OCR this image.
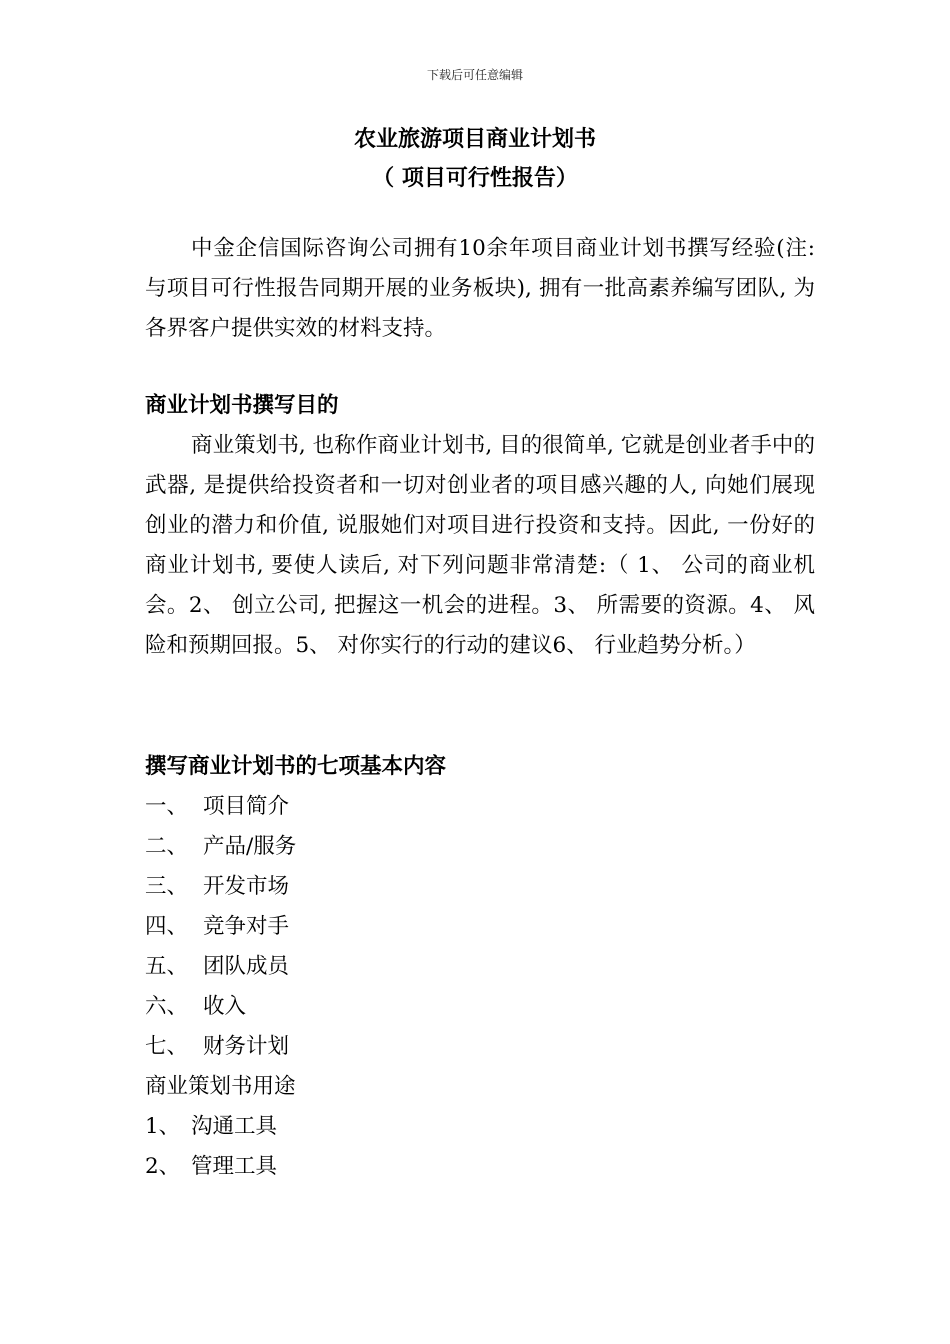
下载后可任意编辑
农业旅游项目商业计划书
（ 项目可行性报告）
中金企信国际咨询公司拥有10余年项目商业计划书撰写经验(注: 与项目可行性报告同期开展的业务板块), 拥有一批高素养编写团队, 为各界客户提供实效的材料支持。
商业计划书撰写目的
商业策划书, 也称作商业计划书, 目的很简单, 它就是创业者手中的武器, 是提供给投资者和一切对创业者的项目感兴趣的人, 向她们展现创业的潜力和价值, 说服她们对项目进行投资和支持。因此, 一份好的商业计划书, 要使人读后, 对下列问题非常清楚:（ 1、 公司的商业机会。2、 创立公司, 把握这一机会的进程。3、 所需要的资源。4、 风险和预期回报。5、 对你实行的行动的建议6、 行业趋势分析。）
撰写商业计划书的七项基本内容
一、 项目简介
二、 产品/服务
三、 开发市场
四、 竞争对手
五、 团队成员
六、 收入
七、 财务计划
商业策划书用途
1、 沟通工具
2、 管理工具
